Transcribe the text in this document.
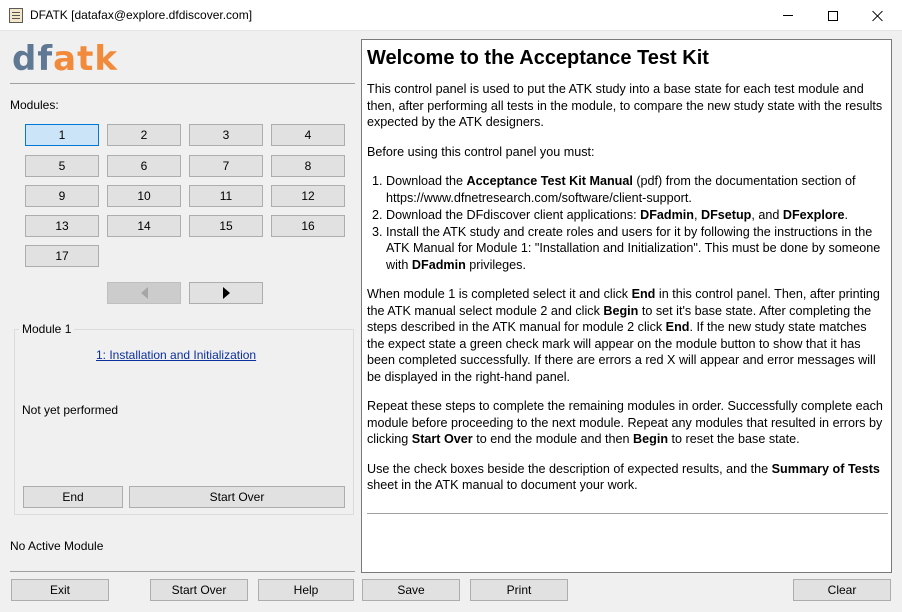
DFATK [datafax@explore.dfdiscover.com]
dfatk
Modules:
1	2	3	4
5	6	7	8
9	10	11	12
13	14	15	16
17
Module 1
1: Installation and Initialization
Not yet performed
End	Start Over
No Active Module
Welcome to the Acceptance Test Kit

This control panel is used to put the ATK study into a base state for each test module and then, after performing all tests in the module, to compare the new study state with the results expected by the ATK designers.

Before using this control panel you must:

1. Download the Acceptance Test Kit Manual (pdf) from the documentation section of https://www.dfnetresearch.com/software/client-support.
2. Download the DFdiscover client applications: DFadmin, DFsetup, and DFexplore.
3. Install the ATK study and create roles and users for it by following the instructions in the ATK Manual for Module 1: "Installation and Initialization". This must be done by someone with DFadmin privileges.

When module 1 is completed select it and click End in this control panel. Then, after printing the ATK manual select module 2 and click Begin to set it's base state. After completing the steps described in the ATK manual for module 2 click End. If the new study state matches the expect state a green check mark will appear on the module button to show that it has been completed successfully. If there are errors a red X will appear and error messages will be displayed in the right-hand panel.

Repeat these steps to complete the remaining modules in order. Successfully complete each module before proceeding to the next module. Repeat any modules that resulted in errors by clicking Start Over to end the module and then Begin to reset the base state.

Use the check boxes beside the description of expected results, and the Summary of Tests sheet in the ATK manual to document your work.

Exit	Start Over	Help	Save	Print	Clear
